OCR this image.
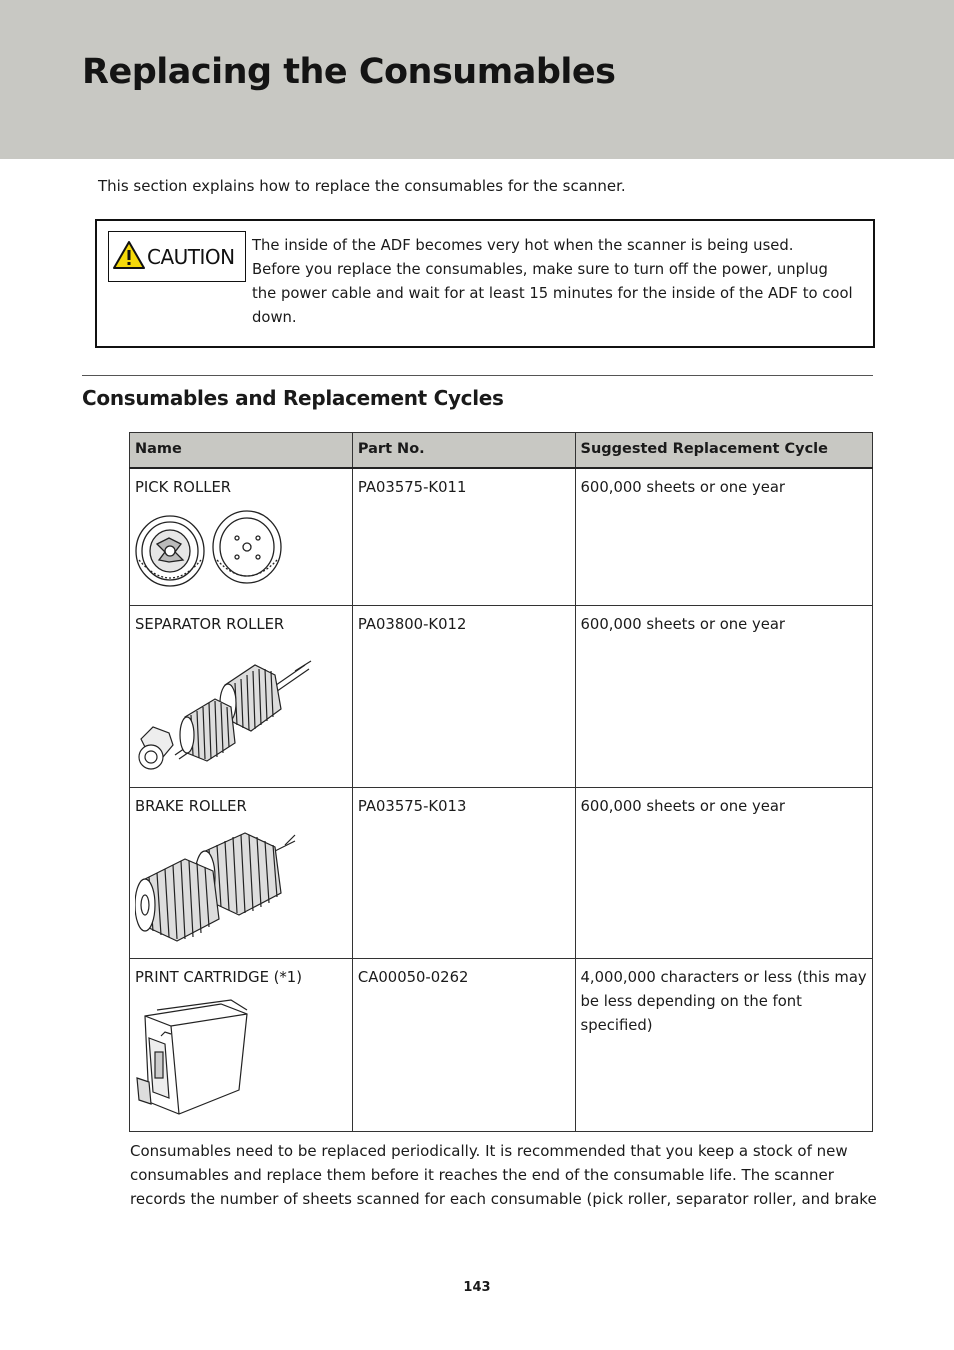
Replacing the Consumables

This section explains how to replace the consumables for the scanner.

CAUTION The inside of the ADF becomes very hot when the scanner is being used.
Before you replace the consumables, make sure to turn off the power, unplug
the power cable and wait for at least 15 minutes for the inside of the ADF to cool
down.
Consumables and Replacement Cycles
Name	Part No.	Suggested Replacement Cycle

PICK ROLLER	PA03575-K011	600,000 sheets or one year

SEPARATOR ROLLER	PA03800-K012	600,000 sheets or one year

BRAKE ROLLER	PA03575-K013	600,000 sheets or one year

PRINT CARTRIDGE (*1)	CA00050-0262	4,000,000 characters or less (this may
be less depending on the font
specified)
Consumables need to be replaced periodically. It is recommended that you keep a stock of new
consumables and replace them before it reaches the end of the consumable life. The scanner
records the number of sheets scanned for each consumable (pick roller, separator roller, and brake
143
